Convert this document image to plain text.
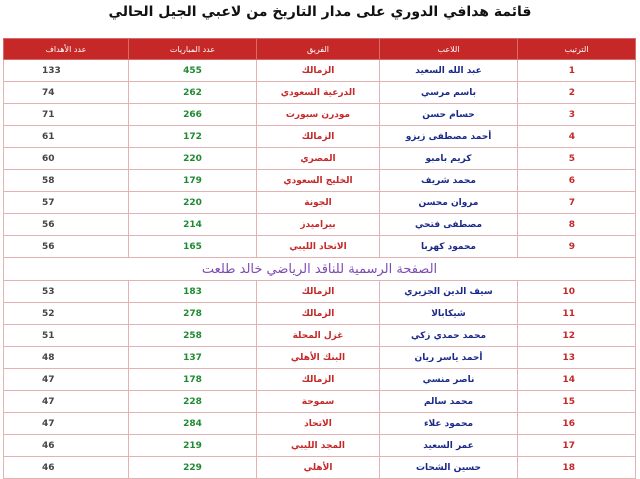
قائمة هدافي الدوري على مدار التاريخ من لاعبي الجيل الحالي
الترتيب	اللاعب	الفريق	عدد المباريات	عدد الأهداف
1	عبد الله السعيد	الزمالك	455	133
2	باسم مرسي	الدرعية السعودي	262	74
3	حسام حسن	مودرن سبورت	266	71
4	أحمد مصطفى زيزو	الزمالك	172	61
5	كريم بامبو	المصري	220	60
6	محمد شريف	الخليج السعودي	179	58
7	مروان محسن	الجونة	220	57
8	مصطفى فتحي	بيراميدز	214	56
9	محمود كهربا	الاتحاد الليبي	165	56
الصفحة الرسمية للناقد الرياضي خالد طلعت				
10	سيف الدين الجزيري	الزمالك	183	53
11	شيكابالا	الزمالك	278	52
12	محمد حمدي زكي	غزل المحلة	258	51
13	أحمد ياسر ريان	البنك الأهلي	137	48
14	ناصر منسي	الزمالك	178	47
15	محمد سالم	سموحة	228	47
16	محمود علاء	الاتحاد	284	47
17	عمر السعيد	المجد الليبي	219	46
18	حسين الشحات	الأهلي	229	46
